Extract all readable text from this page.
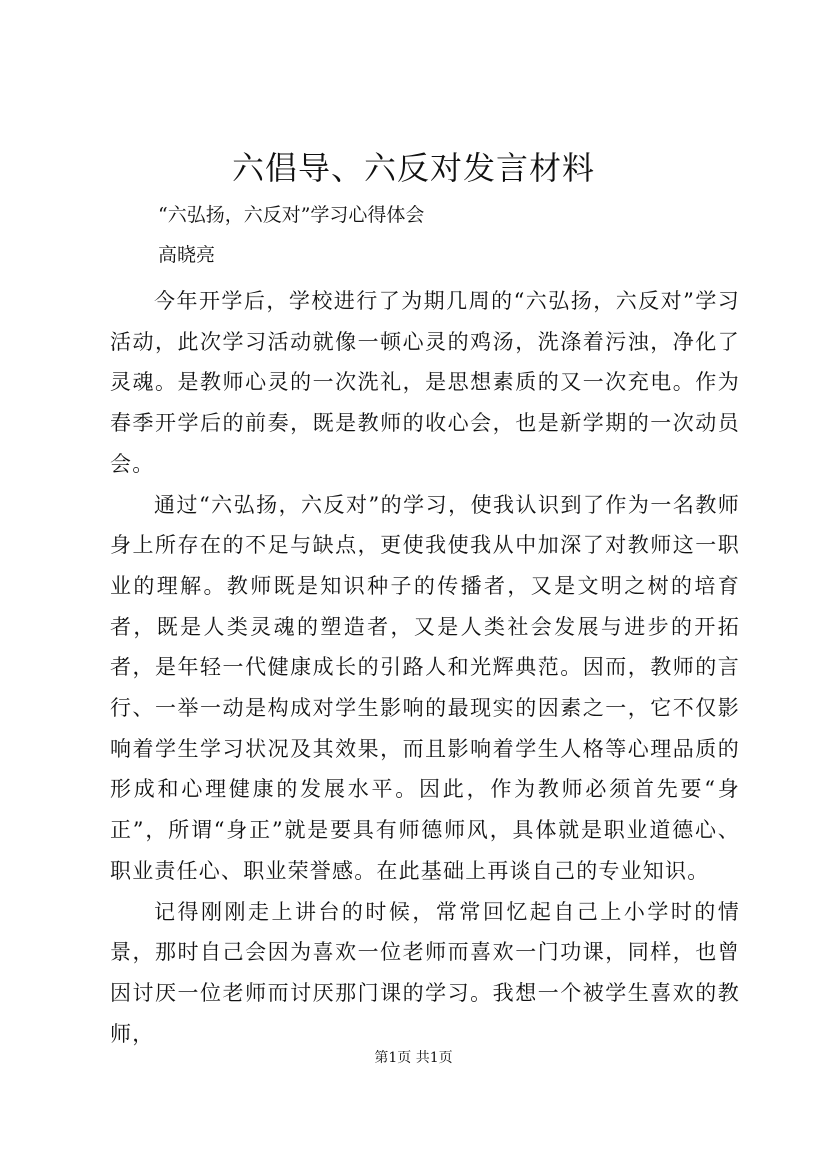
六倡导、六反对发言材料

“六弘扬，六反对”学习心得体会

高晓亮

今年开学后，学校进行了为期几周的“六弘扬，六反对”学习活动，此次学习活动就像一顿心灵的鸡汤，洗涤着污浊，净化了灵魂。是教师心灵的一次洗礼，是思想素质的又一次充电。作为春季开学后的前奏，既是教师的收心会，也是新学期的一次动员会。

通过“六弘扬，六反对”的学习，使我认识到了作为一名教师身上所存在的不足与缺点，更使我使我从中加深了对教师这一职业的理解。教师既是知识种子的传播者，又是文明之树的培育者，既是人类灵魂的塑造者，又是人类社会发展与进步的开拓者，是年轻一代健康成长的引路人和光辉典范。因而，教师的言行、一举一动是构成对学生影响的最现实的因素之一，它不仅影响着学生学习状况及其效果，而且影响着学生人格等心理品质的形成和心理健康的发展水平。因此，作为教师必须首先要“身正”，所谓“身正”就是要具有师德师风，具体就是职业道德心、职业责任心、职业荣誉感。在此基础上再谈自己的专业知识。

记得刚刚走上讲台的时候，常常回忆起自己上小学时的情景，那时自己会因为喜欢一位老师而喜欢一门功课，同样，也曾因讨厌一位老师而讨厌那门课的学习。我想一个被学生喜欢的教师，

第1页 共1页
